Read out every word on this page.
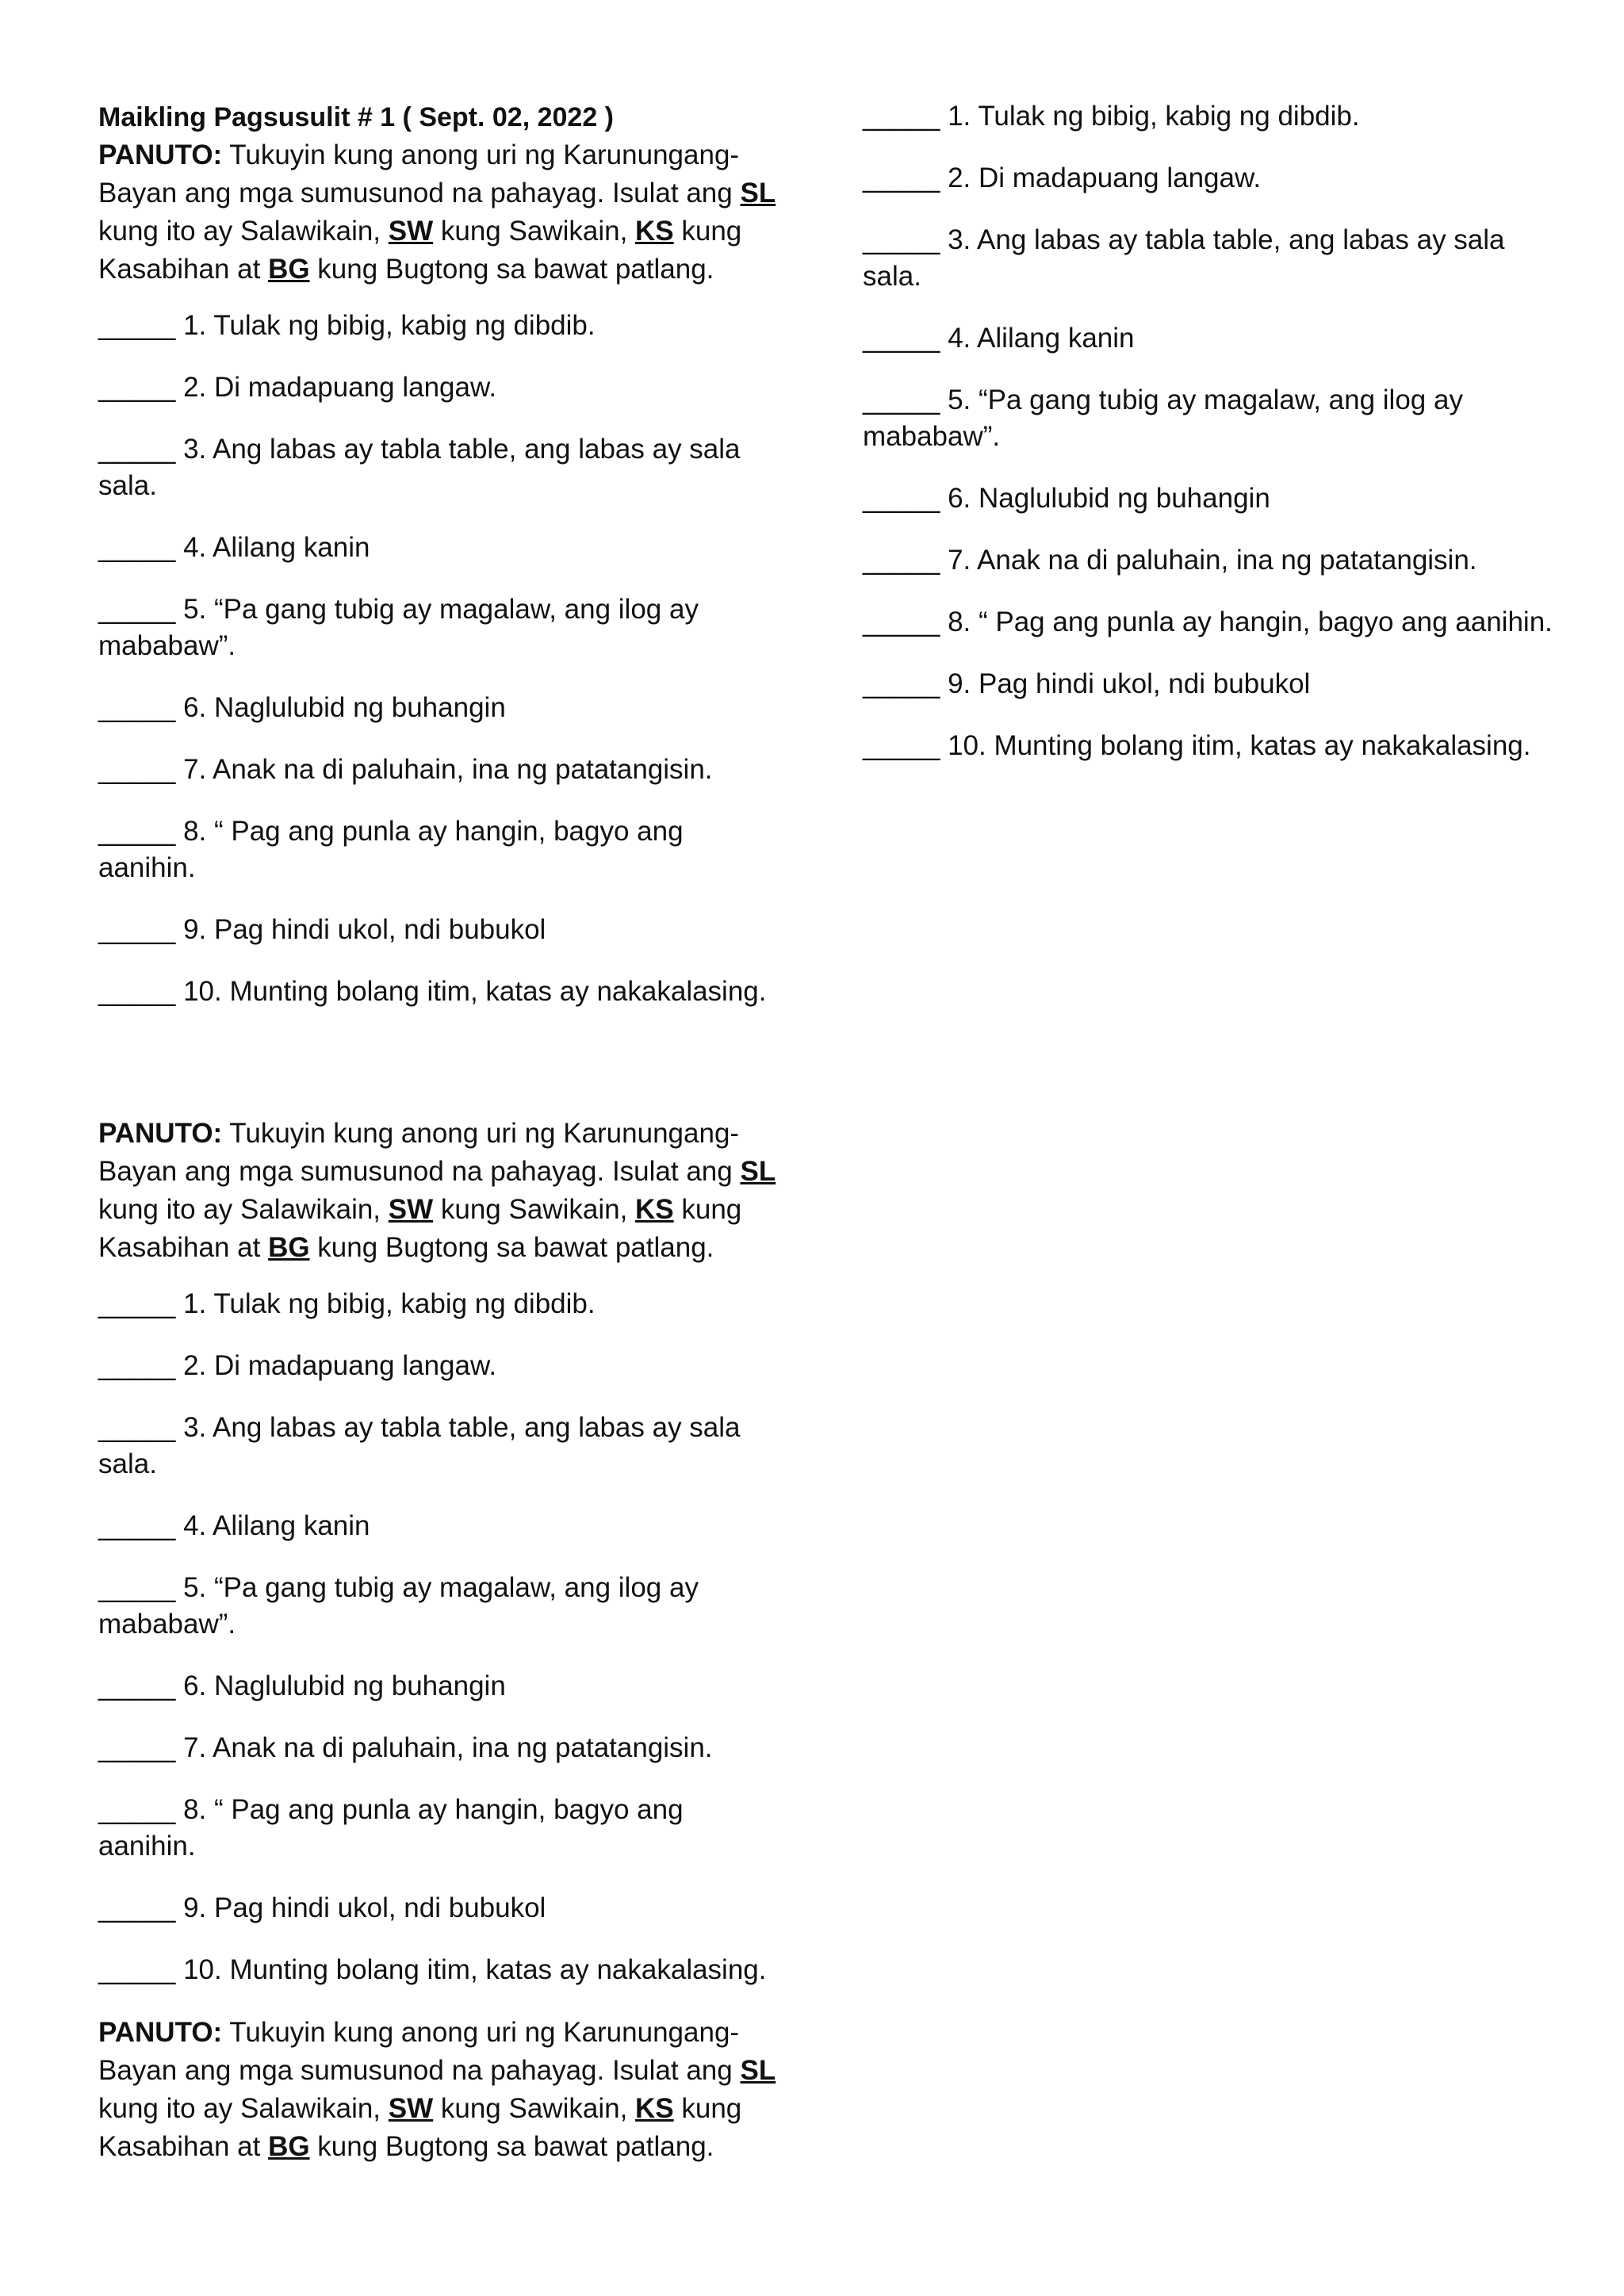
Maikling Pagsusulit # 1 ( Sept. 02, 2022 )

PANUTO: Tukuyin kung anong uri ng Karunungang-Bayan ang mga sumusunod na pahayag. Isulat ang SL kung ito ay Salawikain, SW kung Sawikain, KS kung Kasabihan at BG kung Bugtong sa bawat patlang.

_____ 1. Tulak ng bibig, kabig ng dibdib.
_____ 2. Di madapuang langaw.
_____ 3. Ang labas ay tabla table, ang labas ay sala sala.
_____ 4. Alilang kanin
_____ 5. “Pa gang tubig ay magalaw, ang ilog ay mababaw”.
_____ 6. Naglulubid ng buhangin
_____ 7. Anak na di paluhain, ina ng patatangisin.
_____ 8. “ Pag ang punla ay hangin, bagyo ang aanihin.
_____ 9. Pag hindi ukol, ndi bubukol
_____ 10. Munting bolang itim, katas ay nakakalasing.

PANUTO: Tukuyin kung anong uri ng Karunungang-Bayan ang mga sumusunod na pahayag. Isulat ang SL kung ito ay Salawikain, SW kung Sawikain, KS kung Kasabihan at BG kung Bugtong sa bawat patlang.

_____ 1. Tulak ng bibig, kabig ng dibdib.
_____ 2. Di madapuang langaw.
_____ 3. Ang labas ay tabla table, ang labas ay sala sala.
_____ 4. Alilang kanin
_____ 5. “Pa gang tubig ay magalaw, ang ilog ay mababaw”.
_____ 6. Naglulubid ng buhangin
_____ 7. Anak na di paluhain, ina ng patatangisin.
_____ 8. “ Pag ang punla ay hangin, bagyo ang aanihin.
_____ 9. Pag hindi ukol, ndi bubukol
_____ 10. Munting bolang itim, katas ay nakakalasing.

PANUTO: Tukuyin kung anong uri ng Karunungang-Bayan ang mga sumusunod na pahayag. Isulat ang SL kung ito ay Salawikain, SW kung Sawikain, KS kung Kasabihan at BG kung Bugtong sa bawat patlang.

_____ 1. Tulak ng bibig, kabig ng dibdib.
_____ 2. Di madapuang langaw.
_____ 3. Ang labas ay tabla table, ang labas ay sala sala.
_____ 4. Alilang kanin
_____ 5. “Pa gang tubig ay magalaw, ang ilog ay mababaw”.
_____ 6. Naglulubid ng buhangin
_____ 7. Anak na di paluhain, ina ng patatangisin.
_____ 8. “ Pag ang punla ay hangin, bagyo ang aanihin.
_____ 9. Pag hindi ukol, ndi bubukol
_____ 10. Munting bolang itim, katas ay nakakalasing.
